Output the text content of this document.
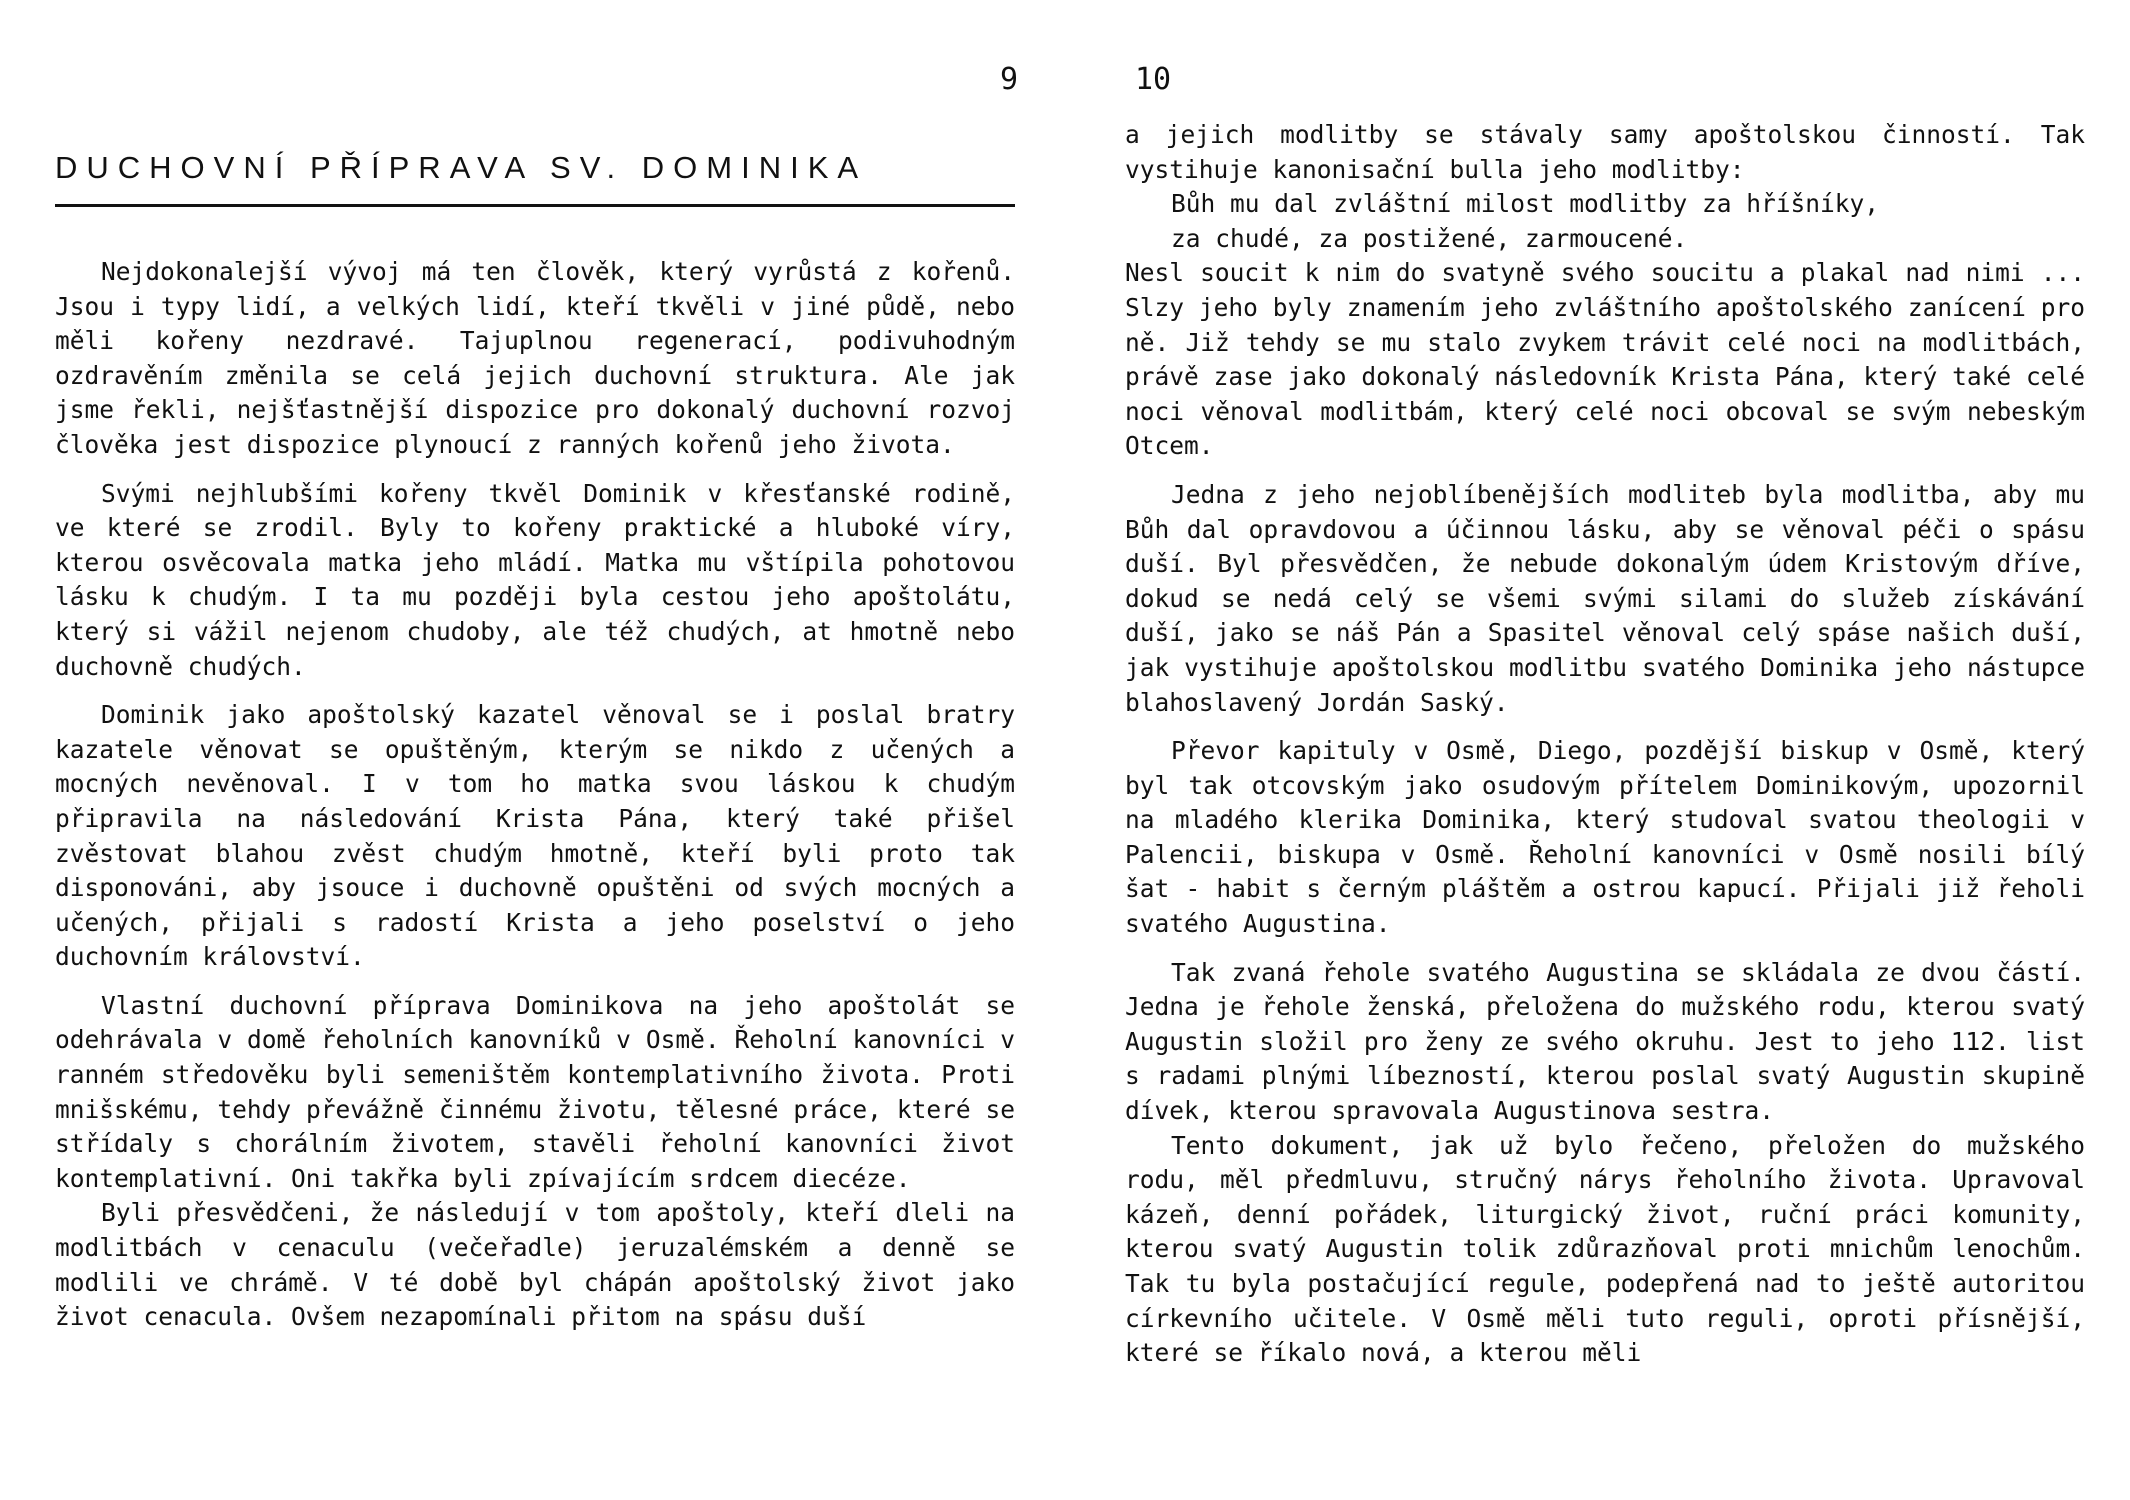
9
DUCHOVNÍ PŘÍPRAVA SV. DOMINIKA

Nejdokonalejší vývoj má ten člověk, který vyrůstá z kořenů. Jsou i typy lidí, a velkých lidí, kteří tkvěli v jiné půdě, nebo měli kořeny nezdravé. Tajuplnou regenerací, podivuhodným ozdravěním změnila se celá jejich duchovní struktura. Ale jak jsme řekli, nejšťastnější dispozice pro dokonalý duchovní rozvoj člověka jest dispozice plynoucí z ranných kořenů jeho života.

Svými nejhlubšími kořeny tkvěl Dominik v křesťanské rodině, ve které se zrodil. Byly to kořeny praktické a hluboké víry, kterou osvěcovala matka jeho mládí. Matka mu vštípila pohotovou lásku k chudým. I ta mu později byla cestou jeho apoštolátu, který si vážil nejenom chudoby, ale též chudých, at hmotně nebo duchovně chudých.

Dominik jako apoštolský kazatel věnoval se i poslal bratry kazatele věnovat se opuštěným, kterým se nikdo z učených a mocných nevěnoval. I v tom ho matka svou láskou k chudým připravila na následování Krista Pána, který také přišel zvěstovat blahou zvěst chudým hmotně, kteří byli proto tak disponováni, aby jsouce i duchovně opuštěni od svých mocných a učených, přijali s radostí Krista a jeho poselství o jeho duchovním království.

Vlastní duchovní příprava Dominikova na jeho apoštolát se odehrávala v domě řeholních kanovníků v Osmě. Řeholní kanovníci v ranném středověku byli semeništěm kontemplativního života. Proti mnišskému, tehdy převážně činnému životu, tělesné práce, které se střídaly s chorálním životem, stavěli řeholní kanovníci život kontemplativní. Oni takřka byli zpívajícím srdcem diecéze.

Byli přesvědčeni, že následují v tom apoštoly, kteří dleli na modlitbách v cenaculu (večeřadle) jeruzalémském a denně se modlili ve chrámě. V té době byl chápán apoštolský život jako život cenacula. Ovšem nezapomínali přitom na spásu duší

10

a jejich modlitby se stávaly samy apoštolskou činností. Tak vystihuje kanonisační bulla jeho modlitby:

Bůh mu dal zvláštní milost modlitby za hříšníky,

za chudé, za postižené, zarmoucené.

Nesl soucit k nim do svatyně svého soucitu a plakal nad nimi ... Slzy jeho byly znamením jeho zvláštního apoštolského zanícení pro ně. Již tehdy se mu stalo zvykem trávit celé noci na modlitbách, právě zase jako dokonalý následovník Krista Pána, který také celé noci věnoval modlitbám, který celé noci obcoval se svým nebeským Otcem.

Jedna z jeho nejoblíbenějších modliteb byla modlitba, aby mu Bůh dal opravdovou a účinnou lásku, aby se věnoval péči o spásu duší. Byl přesvědčen, že nebude dokonalým údem Kristovým dříve, dokud se nedá celý se všemi svými silami do služeb získávání duší, jako se náš Pán a Spasitel věnoval celý spáse našich duší, jak vystihuje apoštolskou modlitbu svatého Dominika jeho nástupce blahoslavený Jordán Saský.

Převor kapituly v Osmě, Diego, pozdější biskup v Osmě, který byl tak otcovským jako osudovým přítelem Dominikovým, upozornil na mladého klerika Dominika, který studoval svatou theologii v Palencii, biskupa v Osmě. Řeholní kanovníci v Osmě nosili bílý šat - habit s černým pláštěm a ostrou kapucí. Přijali již řeholi svatého Augustina.

Tak zvaná řehole svatého Augustina se skládala ze dvou částí. Jedna je řehole ženská, přeložena do mužského rodu, kterou svatý Augustin složil pro ženy ze svého okruhu. Jest to jeho 112. list s radami plnými líbezností, kterou poslal svatý Augustin skupině dívek, kterou spravovala Augustinova sestra.

Tento dokument, jak už bylo řečeno, přeložen do mužského rodu, měl předmluvu, stručný nárys řeholního života. Upravoval kázeň, denní pořádek, liturgický život, ruční práci komunity, kterou svatý Augustin tolik zdůrazňoval proti mnichům lenochům. Tak tu byla postačující regule, podepřená nad to ještě autoritou církevního učitele. V Osmě měli tuto reguli, oproti přísnější, které se říkalo nová, a kterou měli
